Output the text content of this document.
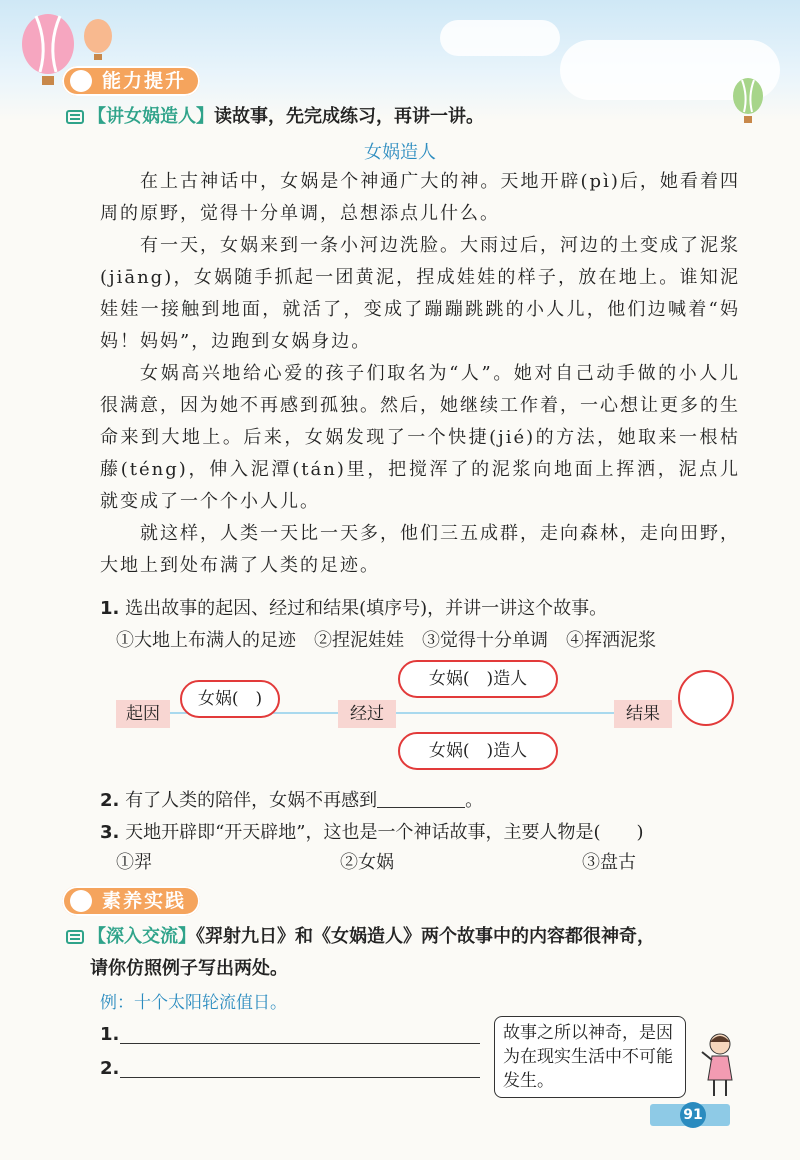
能力提升
【讲女娲造人】读故事，先完成练习，再讲一讲。
女娲造人
在上古神话中，女娲是个神通广大的神。天地开辟(pì)后，她看着四周的原野，觉得十分单调，总想添点儿什么。
有一天，女娲来到一条小河边洗脸。大雨过后，河边的土变成了泥浆(jiāng)，女娲随手抓起一团黄泥，捏成娃娃的样子，放在地上。谁知泥娃娃一接触到地面，就活了，变成了蹦蹦跳跳的小人儿，他们边喊着“妈妈！妈妈”，边跑到女娲身边。
女娲高兴地给心爱的孩子们取名为“人”。她对自己动手做的小人儿很满意，因为她不再感到孤独。然后，她继续工作着，一心想让更多的生命来到大地上。后来，女娲发现了一个快捷(jié)的方法，她取来一根枯藤(téng)，伸入泥潭(tán)里，把搅浑了的泥浆向地面上挥洒，泥点儿就变成了一个个小人儿。
就这样，人类一天比一天多，他们三五成群，走向森林，走向田野，大地上到处布满了人类的足迹。
1. 选出故事的起因、经过和结果(填序号)，并讲一讲这个故事。
①大地上布满人的足迹　②捏泥娃娃　③觉得十分单调　④挥洒泥浆
起因	经过	结果
女娲(　)
女娲(　)造人
女娲(　)造人
2. 有了人类的陪伴，女娲不再感到	。
3. 天地开辟即“开天辟地”，这也是一个神话故事，主要人物是(　　)
①羿	②女娲	③盘古
素养实践
【深入交流】《羿射九日》和《女娲造人》两个故事中的内容都很神奇，
请你仿照例子写出两处。
例：十个太阳轮流值日。
1.
2.
故事之所以神奇，是因为在现实生活中不可能发生。
91
